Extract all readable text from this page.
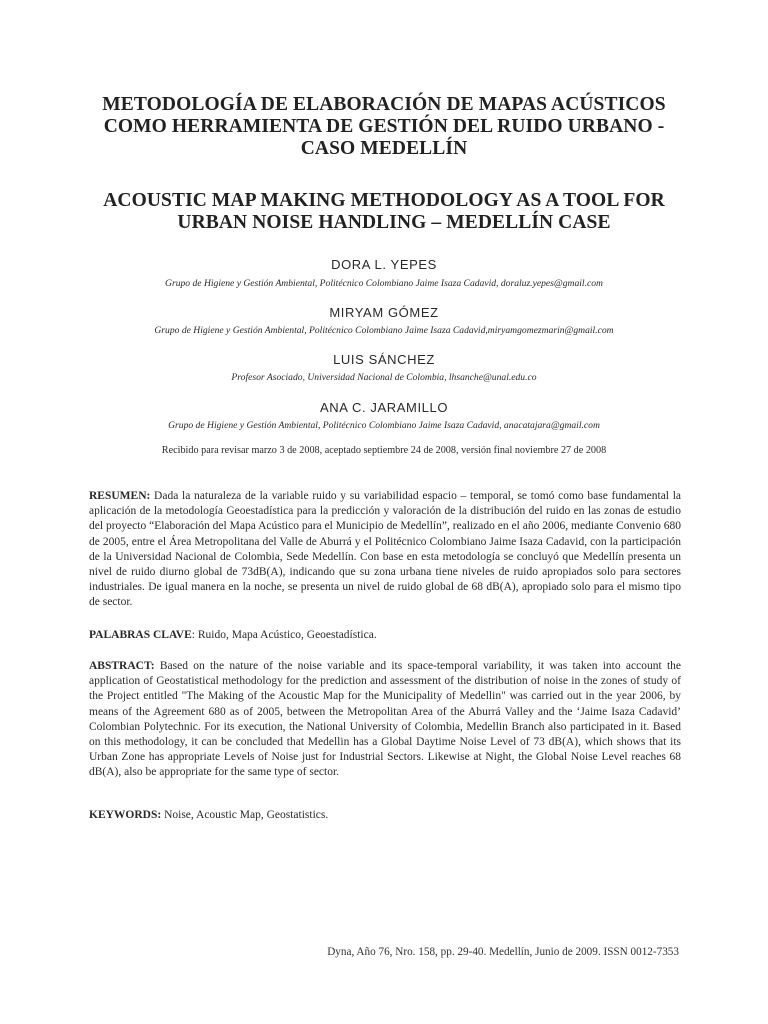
METODOLOGÍA DE ELABORACIÓN DE MAPAS ACÚSTICOS
COMO HERRAMIENTA DE GESTIÓN DEL RUIDO URBANO -
CASO MEDELLÍN
ACOUSTIC MAP MAKING METHODOLOGY AS A TOOL FOR
URBAN NOISE HANDLING – MEDELLÍN CASE
DORA L. YEPES
Grupo de Higiene y Gestión Ambiental, Politécnico Colombiano Jaime Isaza Cadavid, doraluz.yepes@gmail.com
MIRYAM GÓMEZ
Grupo de Higiene y Gestión Ambiental, Politécnico Colombiano Jaime Isaza Cadavid,miryamgomezmarin@gmail.com
LUIS SÁNCHEZ
Profesor Asociado, Universidad Nacional de Colombia, lhsanche@unal.edu.co
ANA C. JARAMILLO
Grupo de Higiene y Gestión Ambiental, Politécnico Colombiano Jaime Isaza Cadavid, anacatajara@gmail.com
Recibido para revisar marzo 3 de 2008, aceptado septiembre 24 de 2008, versión final noviembre 27 de 2008
RESUMEN: Dada la naturaleza de la variable ruido y su variabilidad espacio – temporal, se tomó como base fundamental la aplicación de la metodología Geoestadística para la predicción y valoración de la distribución del ruido en las zonas de estudio del proyecto “Elaboración del Mapa Acústico para el Municipio de Medellín”, realizado en el año 2006, mediante Convenio 680 de 2005, entre el Área Metropolitana del Valle de Aburrá y el Politécnico Colombiano Jaime Isaza Cadavid, con la participación de la Universidad Nacional de Colombia, Sede Medellín. Con base en esta metodología se concluyó que Medellín presenta un nivel de ruido diurno global de 73dB(A), indicando que su zona urbana tiene niveles de ruido apropiados solo para sectores industriales. De igual manera en la noche, se presenta un nivel de ruido global de 68 dB(A), apropiado solo para el mismo tipo de sector.
PALABRAS CLAVE: Ruido, Mapa Acústico, Geoestadística.
ABSTRACT: Based on the nature of the noise variable and its space-temporal variability, it was taken into account the application of Geostatistical methodology for the prediction and assessment of the distribution of noise in the zones of study of the Project entitled "The Making of the Acoustic Map for the Municipality of Medellin" was carried out in the year 2006, by means of the Agreement 680 as of 2005, between the Metropolitan Area of the Aburrá Valley and the ‘Jaime Isaza Cadavid’ Colombian Polytechnic. For its execution, the National University of Colombia, Medellin Branch also participated in it. Based on this methodology, it can be concluded that Medellin has a Global Daytime Noise Level of 73 dB(A), which shows that its Urban Zone has appropriate Levels of Noise just for Industrial Sectors. Likewise at Night, the Global Noise Level reaches 68 dB(A), also be appropriate for the same type of sector.
KEYWORDS: Noise, Acoustic Map, Geostatistics.
Dyna, Año 76, Nro. 158, pp. 29-40. Medellín, Junio de 2009. ISSN 0012-7353
